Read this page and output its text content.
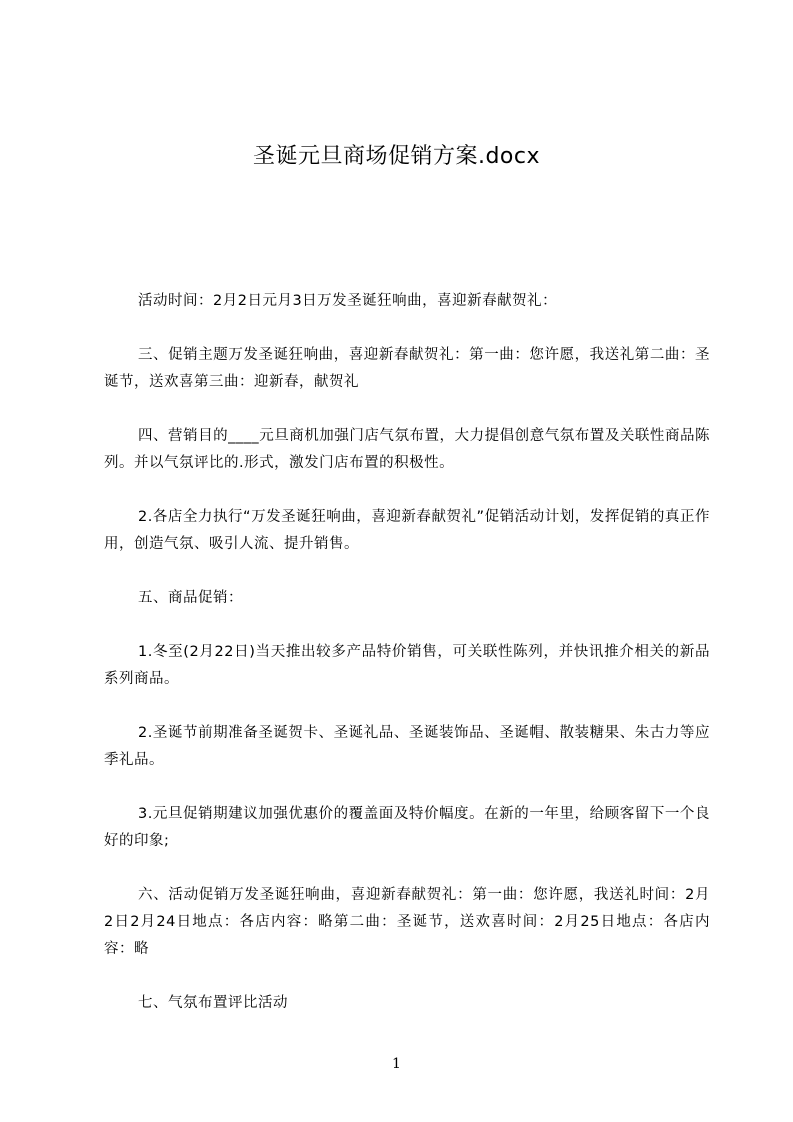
圣诞元旦商场促销方案.docx

活动时间：2月2日元月3日万发圣诞狂响曲，喜迎新春献贺礼：

三、促销主题万发圣诞狂响曲，喜迎新春献贺礼：第一曲：您许愿，我送礼第二曲：圣诞节，送欢喜第三曲：迎新春，献贺礼

四、营销目的____元旦商机加强门店气氛布置，大力提倡创意气氛布置及关联性商品陈列。并以气氛评比的.形式，激发门店布置的积极性。

2.各店全力执行“万发圣诞狂响曲，喜迎新春献贺礼”促销活动计划，发挥促销的真正作用，创造气氛、吸引人流、提升销售。

五、商品促销：

1.冬至(2月22日)当天推出较多产品特价销售，可关联性陈列，并快讯推介相关的新品系列商品。

2.圣诞节前期准备圣诞贺卡、圣诞礼品、圣诞装饰品、圣诞帽、散装糖果、朱古力等应季礼品。

3.元旦促销期建议加强优惠价的覆盖面及特价幅度。在新的一年里，给顾客留下一个良好的印象;

六、活动促销万发圣诞狂响曲，喜迎新春献贺礼：第一曲：您许愿，我送礼时间：2月2日2月24日地点：各店内容：略第二曲：圣诞节，送欢喜时间：2月25日地点：各店内容：略

七、气氛布置评比活动

1
